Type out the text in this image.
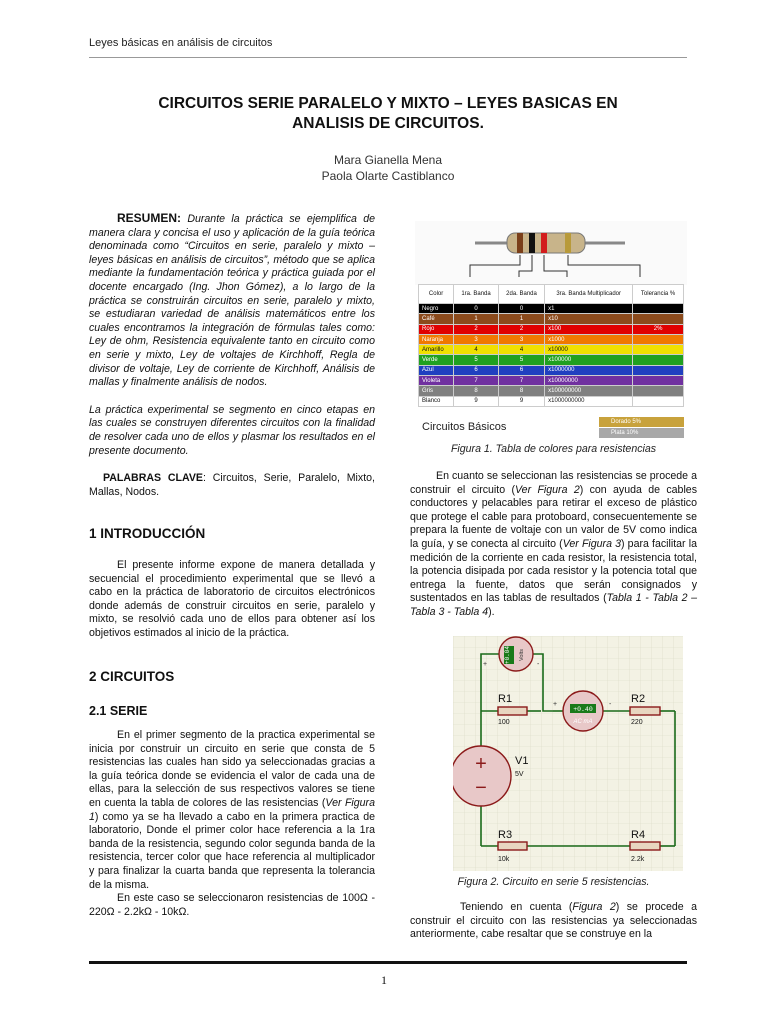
Leyes básicas en análisis de circuitos
CIRCUITOS SERIE PARALELO Y MIXTO – LEYES BASICAS EN
ANALISIS DE CIRCUITOS.
Mara Gianella Mena
Paola Olarte Castiblanco
RESUMEN: Durante la práctica se ejemplifica de manera clara y concisa el uso y aplicación de la guía teórica denominada como “Circuitos en serie, paralelo y mixto – leyes básicas en análisis de circuitos”, método que se aplica mediante la fundamentación teórica y práctica guiada por el docente encargado (Ing. Jhon Gómez), a lo largo de la práctica se construirán circuitos en serie, paralelo y mixto, se estudiaran variedad de análisis matemáticos entre los cuales encontramos la integración de fórmulas tales como: Ley de ohm, Resistencia equivalente tanto en circuito como en serie y mixto, Ley de voltajes de Kirchhoff, Regla de divisor de voltaje, Ley de corriente de Kirchhoff, Análisis de mallas y finalmente análisis de nodos.
La práctica experimental se segmento en cinco etapas en las cuales se construyen diferentes circuitos con la finalidad de resolver cada uno de ellos y plasmar los resultados en el presente documento.
PALABRAS CLAVE: Circuitos, Serie, Paralelo, Mixto, Mallas, Nodos.
1 INTRODUCCIÓN
El presente informe expone de manera detallada y secuencial el procedimiento experimental que se llevó a cabo en la práctica de laboratorio de circuitos electrónicos donde además de construir circuitos en serie, paralelo y mixto, se resolvió cada uno de ellos para obtener así los objetivos estimados al inicio de la práctica.
2 CIRCUITOS
2.1 SERIE
En el primer segmento de la practica experimental se inicia por construir un circuito en serie que consta de 5 resistencias las cuales han sido ya seleccionadas gracias a la guía teórica donde se evidencia el valor de cada una de ellas, para la selección de sus respectivos valores se tiene en cuenta la tabla de colores de las resistencias (Ver Figura 1) como ya se ha llevado a cabo en la primera practica de laboratorio, Donde el primer color hace referencia a la 1ra banda de la resistencia, segundo color segunda banda de la resistencia, tercer color que hace referencia al multiplicador y para finalizar la cuarta banda que representa la tolerancia de la misma.
En este caso se seleccionaron resistencias de 100Ω - 220Ω - 2.2kΩ - 10kΩ.
Color	1ra. Banda	2da. Banda	3ra. Banda Multiplicador	Tolerancia %
Negro	0	0	x1	
Café	1	1	x10	
Rojo	2	2	x100	2%
Naranja	3	3	x1000	
Amarillo	4	4	x10000	
Verde	5	5	x100000	
Azul	6	6	x1000000	
Violeta	7	7	x10000000	
Gris	8	8	x100000000	
Blanco	9	9	x1000000000	
Circuitos Básicos	Dorado 5%
Plata 10%
Figura 1. Tabla de colores para resistencias
En cuanto se seleccionan las resistencias se procede a construir el circuito (Ver Figura 2) con ayuda de cables conductores y pelacables para retirar el exceso de plástico que protege el cable para protoboard, consecuentemente se prepara la fuente de voltaje con un valor de 5V como indica la guía, y se conecta al circuito (Ver Figura 3) para facilitar la medición de la corriente en cada resistor, la resistencia total, la potencia disipada por cada resistor y la potencia total que entrega la fuente, datos que serán consignados y sustentados en las tablas de resultados (Tabla 1 - Tabla 2 – Tabla 3 - Tabla 4).
+0.04 Volts
+	-
+0.40
AC mA
+	-
+
−
V1
5V
R1
100
R2
220
R3
10k
R4
2.2k
Figura 2. Circuito en serie 5 resistencias.
Teniendo en cuenta (Figura 2) se procede a construir el circuito con las resistencias ya seleccionadas anteriormente, cabe resaltar que se construye en la
1
